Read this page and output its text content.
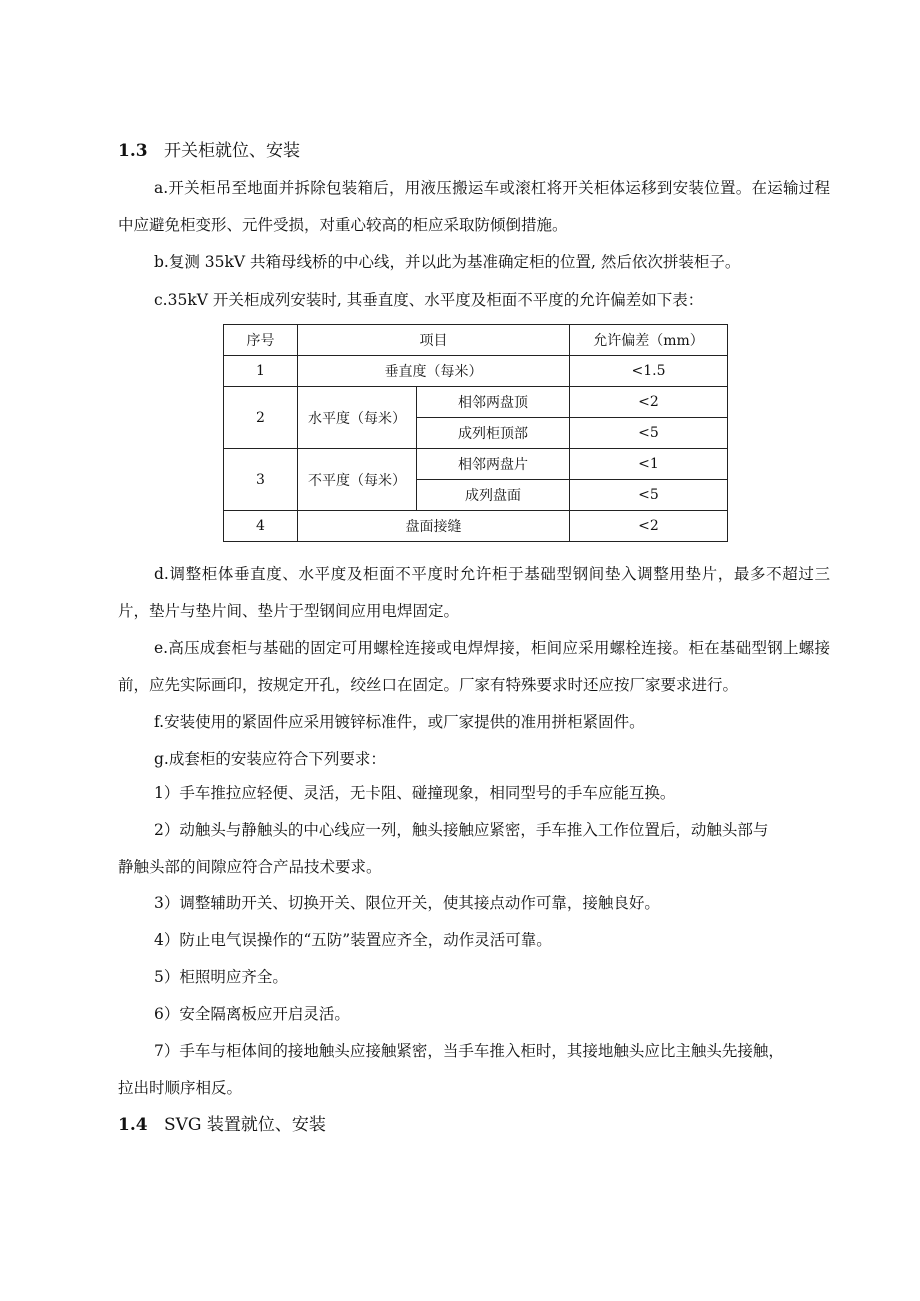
1.3 开关柜就位、安装
a.开关柜吊至地面并拆除包装箱后，用液压搬运车或滚杠将开关柜体运移到安装位置。在运输过程中应避免柜变形、元件受损，对重心较高的柜应采取防倾倒措施。
b.复测 35kV 共箱母线桥的中心线，并以此为基准确定柜的位置, 然后依次拼装柜子。
c.35kV 开关柜成列安装时, 其垂直度、水平度及柜面不平度的允许偏差如下表：
序号	项目		允许偏差（mm）
1	垂直度（每米）		<1.5
2	水平度（每米）	相邻两盘顶	<2
		成列柜顶部	<5
3	不平度（每米）	相邻两盘片	<1
		成列盘面	<5
4	盘面接缝		<2
d.调整柜体垂直度、水平度及柜面不平度时允许柜于基础型钢间垫入调整用垫片，最多不超过三片，垫片与垫片间、垫片于型钢间应用电焊固定。
e.高压成套柜与基础的固定可用螺栓连接或电焊焊接，柜间应采用螺栓连接。柜在基础型钢上螺接前，应先实际画印，按规定开孔，绞丝口在固定。厂家有特殊要求时还应按厂家要求进行。
f.安装使用的紧固件应采用镀锌标准件，或厂家提供的准用拼柜紧固件。
g.成套柜的安装应符合下列要求：
1）手车推拉应轻便、灵活，无卡阻、碰撞现象，相同型号的手车应能互换。
2）动触头与静触头的中心线应一列，触头接触应紧密，手车推入工作位置后，动触头部与
静触头部的间隙应符合产品技术要求。
3）调整辅助开关、切换开关、限位开关，使其接点动作可靠，接触良好。
4）防止电气误操作的“五防”装置应齐全，动作灵活可靠。
5）柜照明应齐全。
6）安全隔离板应开启灵活。
7）手车与柜体间的接地触头应接触紧密，当手车推入柜时，其接地触头应比主触头先接触，
拉出时顺序相反。
1.4 SVG 装置就位、安装
